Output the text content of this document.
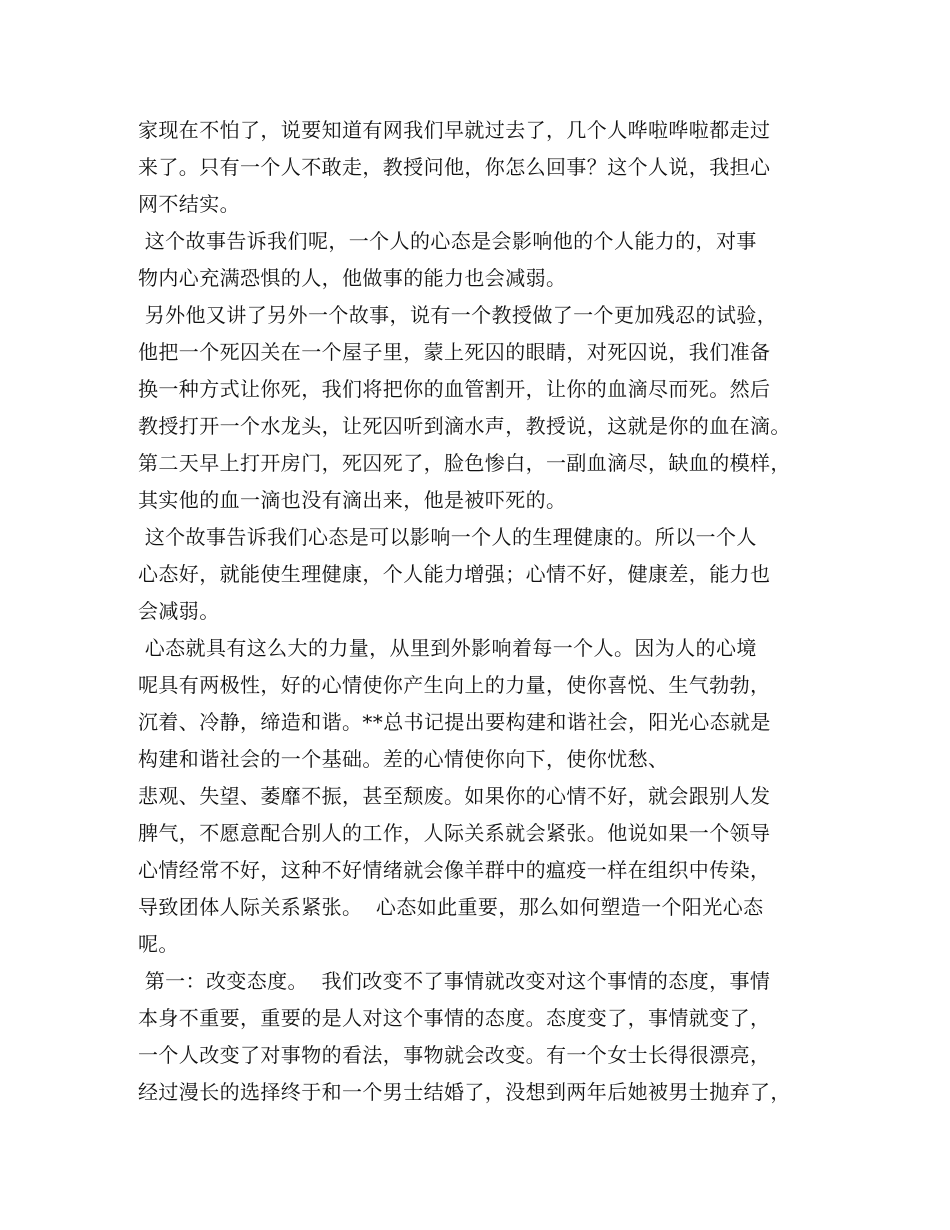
家现在不怕了，说要知道有网我们早就过去了，几个人哗啦哗啦都走过
来了。只有一个人不敢走，教授问他，你怎么回事？这个人说，我担心
网不结实。
这个故事告诉我们呢，一个人的心态是会影响他的个人能力的，对事
物内心充满恐惧的人，他做事的能力也会减弱。
另外他又讲了另外一个故事，说有一个教授做了一个更加残忍的试验，
他把一个死囚关在一个屋子里，蒙上死囚的眼睛，对死囚说，我们准备
换一种方式让你死，我们将把你的血管割开，让你的血滴尽而死。然后
教授打开一个水龙头，让死囚听到滴水声，教授说，这就是你的血在滴。
第二天早上打开房门，死囚死了，脸色惨白，一副血滴尽，缺血的模样，
其实他的血一滴也没有滴出来，他是被吓死的。
这个故事告诉我们心态是可以影响一个人的生理健康的。所以一个人
心态好，就能使生理健康，个人能力增强；心情不好，健康差，能力也
会减弱。
心态就具有这么大的力量，从里到外影响着每一个人。因为人的心境
呢具有两极性，好的心情使你产生向上的力量，使你喜悦、生气勃勃，
沉着、冷静，缔造和谐。**总书记提出要构建和谐社会，阳光心态就是
构建和谐社会的一个基础。差的心情使你向下，使你忧愁、
悲观、失望、萎靡不振，甚至颓废。如果你的心情不好，就会跟别人发
脾气，不愿意配合别人的工作，人际关系就会紧张。他说如果一个领导
心情经常不好，这种不好情绪就会像羊群中的瘟疫一样在组织中传染，
导致团体人际关系紧张。  心态如此重要，那么如何塑造一个阳光心态
呢。
第一：改变态度。  我们改变不了事情就改变对这个事情的态度，事情
本身不重要，重要的是人对这个事情的态度。态度变了，事情就变了，
一个人改变了对事物的看法，事物就会改变。有一个女士长得很漂亮，
经过漫长的选择终于和一个男士结婚了，没想到两年后她被男士抛弃了，
